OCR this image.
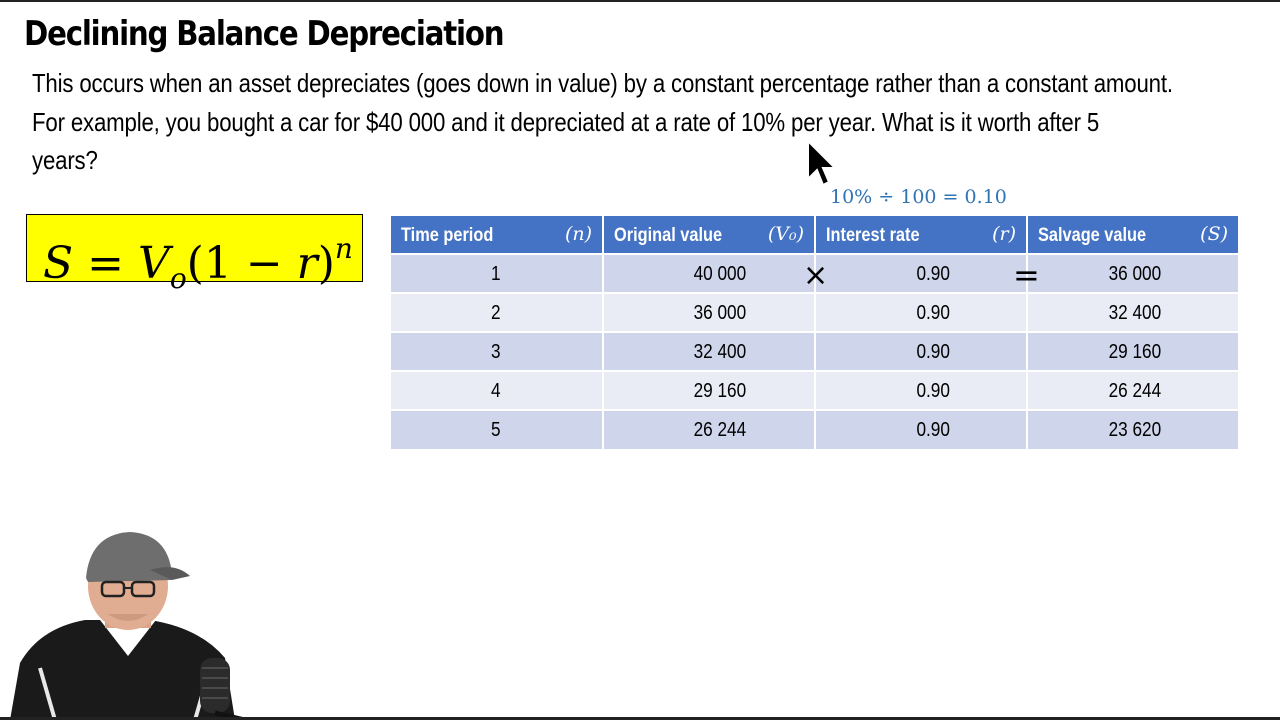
Declining Balance Depreciation

This occurs when an asset depreciates (goes down in value) by a constant percentage rather than a constant amount.

For example, you bought a car for $40 000 and it depreciated at a rate of 10% per year. What is it worth after 5

years?

$S = V_o(1 - r)^n$
10% ÷ 100 = 0.10
Time period (n)	Original value (V₀)	Interest rate (r)	Salvage value (S)

1	40 000	0.90	36 000

2	36 000	0.90	32 400

3	32 400	0.90	29 160

4	29 160	0.90	26 244

5	26 244	0.90	23 620
×	=
